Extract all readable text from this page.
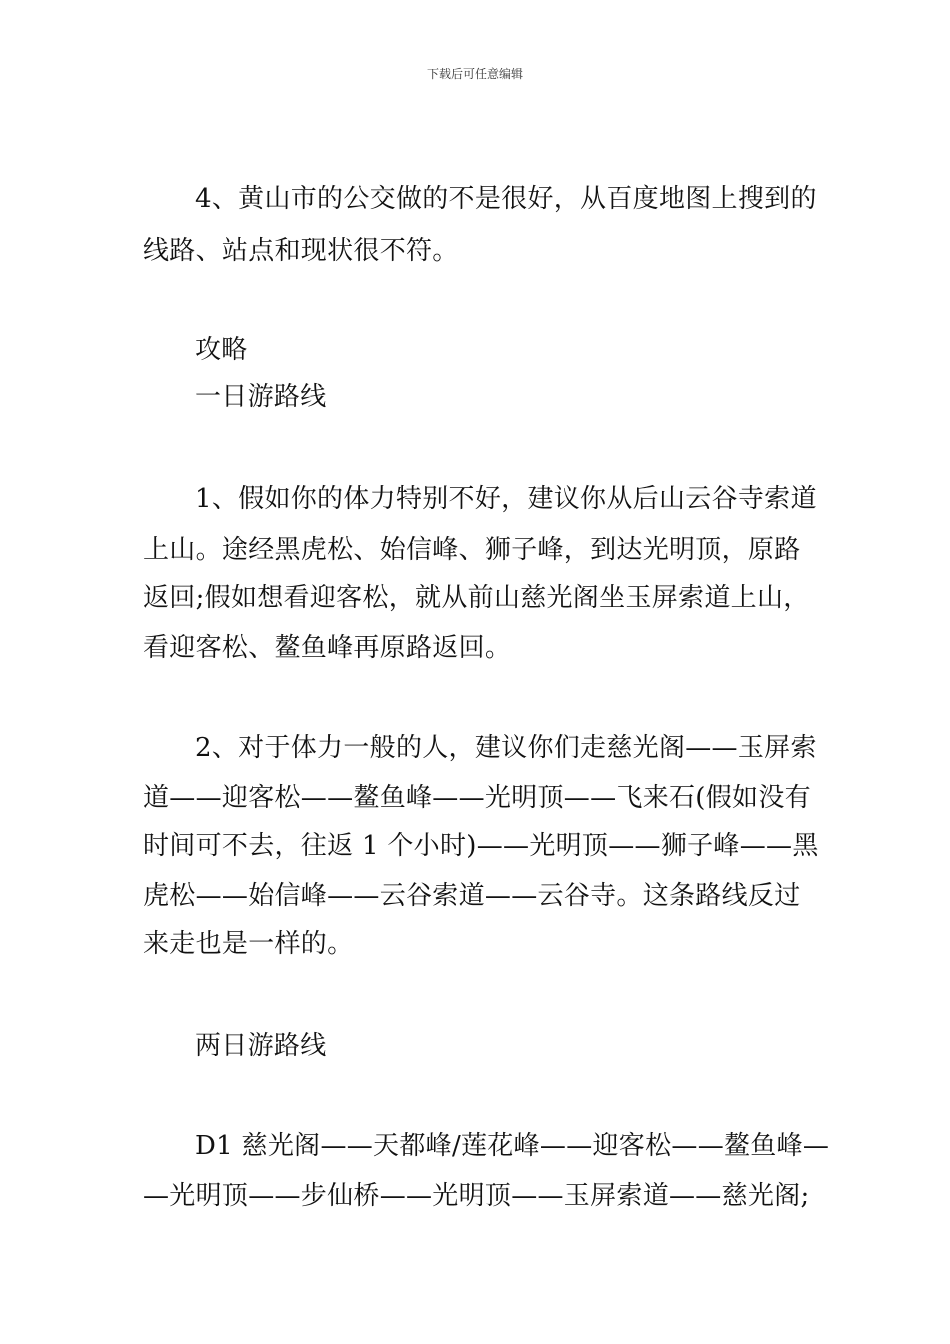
下载后可任意编辑
4、黄山市的公交做的不是很好，从百度地图上搜到的
线路、站点和现状很不符。
攻略
一日游路线
1、假如你的体力特别不好，建议你从后山云谷寺索道
上山。途经黑虎松、始信峰、狮子峰，到达光明顶，原路
返回;假如想看迎客松，就从前山慈光阁坐玉屏索道上山，
看迎客松、鳌鱼峰再原路返回。
2、对于体力一般的人，建议你们走慈光阁——玉屏索
道——迎客松——鳌鱼峰——光明顶——飞来石(假如没有
时间可不去，往返 1 个小时)——光明顶——狮子峰——黑
虎松——始信峰——云谷索道——云谷寺。这条路线反过
来走也是一样的。
两日游路线
D1 慈光阁——天都峰/莲花峰——迎客松——鳌鱼峰—
—光明顶——步仙桥——光明顶——玉屏索道——慈光阁;
